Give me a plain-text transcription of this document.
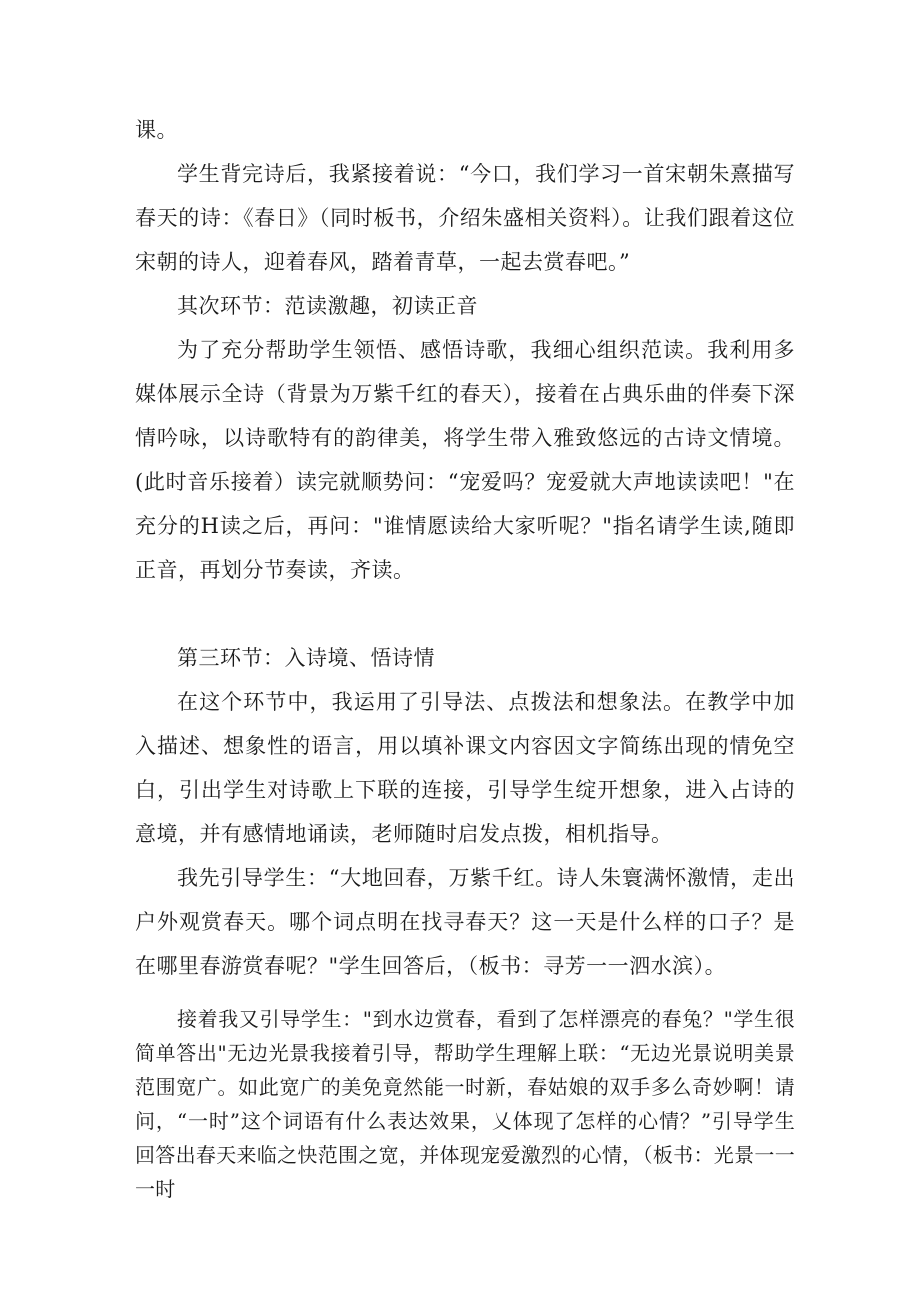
课。

学生背完诗后，我紧接着说：“今口，我们学习一首宋朝朱熹描写春天的诗：《春日》（同时板书，介绍朱盛相关资料）。让我们跟着这位宋朝的诗人，迎着春风，踏着青草，一起去赏春吧。”

其次环节：范读激趣，初读正音

为了充分帮助学生领悟、感悟诗歌，我细心组织范读。我利用多媒体展示全诗（背景为万紫千红的春天），接着在占典乐曲的伴奏下深情吟咏，以诗歌特有的韵律美，将学生带入雅致悠远的古诗文情境。(此时音乐接着）读完就顺势问：“宠爱吗？宠爱就大声地读读吧！"在充分的H读之后，再问："谁情愿读给大家听呢？"指名请学生读,随即正音，再划分节奏读，齐读。

第三环节：入诗境、悟诗情

在这个环节中，我运用了引导法、点拨法和想象法。在教学中加入描述、想象性的语言，用以填补课文内容因文字简练出现的情免空白，引出学生对诗歌上下联的连接，引导学生绽开想象，进入占诗的意境，并有感情地诵读，老师随时启发点拨，相机指导。

我先引导学生：“大地回春，万紫千红。诗人朱寰满怀激情，走出户外观赏春天。哪个词点明在找寻春天？这一天是什么样的口子？是在哪里春游赏春呢？"学生回答后，（板书：寻芳一一泗水滨）。

接着我又引导学生："到水边赏春，看到了怎样漂亮的春兔？"学生很简单答出"无边光景我接着引导，帮助学生理解上联：“无边光景说明美景范围宽广。如此宽广的美免竟然能一时新，春姑娘的双手多么奇妙啊！请问，“一时”这个词语有什么表达效果，乂体现了怎样的心情？”引导学生回答出春天来临之快范围之宽，并体现宠爱激烈的心情，（板书：光景一一一时
